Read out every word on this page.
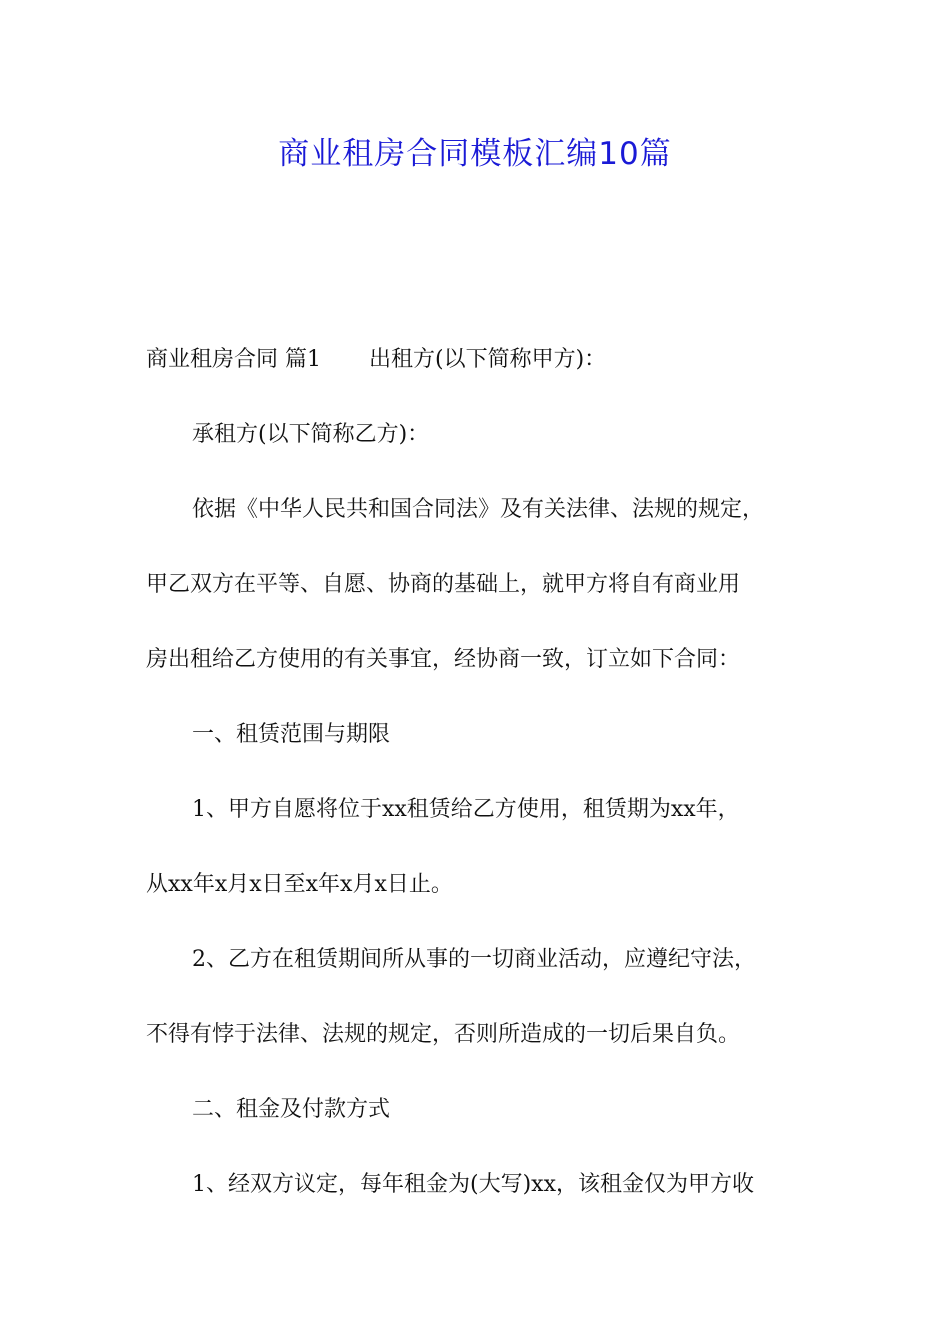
商业租房合同模板汇编10篇

商业租房合同 篇1 出租方(以下简称甲方)：

承租方(以下简称乙方)：

依据《中华人民共和国合同法》及有关法律、法规的规定，

甲乙双方在平等、自愿、协商的基础上，就甲方将自有商业用

房出租给乙方使用的有关事宜，经协商一致，订立如下合同：

一、租赁范围与期限

1、甲方自愿将位于xx租赁给乙方使用，租赁期为xx年，

从xx年x月x日至x年x月x日止。

2、乙方在租赁期间所从事的一切商业活动，应遵纪守法，

不得有悖于法律、法规的规定，否则所造成的一切后果自负。

二、租金及付款方式

1、经双方议定，每年租金为(大写)xx，该租金仅为甲方收
